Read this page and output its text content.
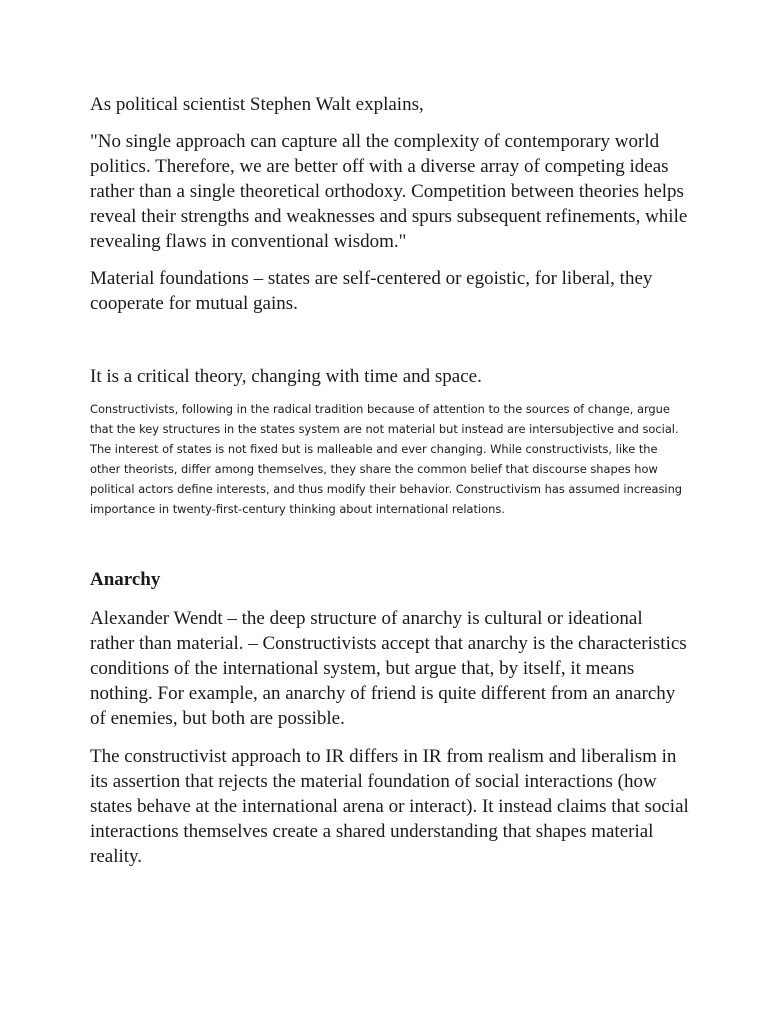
As political scientist Stephen Walt explains,

"No single approach can capture all the complexity of contemporary world politics. Therefore, we are better off with a diverse array of competing ideas rather than a single theoretical orthodoxy. Competition between theories helps reveal their strengths and weaknesses and spurs subsequent refinements, while revealing flaws in conventional wisdom."

Material foundations – states are self-centered or egoistic, for liberal, they cooperate for mutual gains.

It is a critical theory, changing with time and space.

Constructivists, following in the radical tradition because of attention to the sources of change, argue that the key structures in the states system are not material but instead are intersubjective and social. The interest of states is not fixed but is malleable and ever changing. While constructivists, like the other theorists, differ among themselves, they share the common belief that discourse shapes how political actors define interests, and thus modify their behavior. Constructivism has assumed increasing importance in twenty-first-century thinking about international relations.

Anarchy

Alexander Wendt – the deep structure of anarchy is cultural or ideational rather than material. – Constructivists accept that anarchy is the characteristics conditions of the international system, but argue that, by itself, it means nothing. For example, an anarchy of friend is quite different from an anarchy of enemies, but both are possible.

The constructivist approach to IR differs in IR from realism and liberalism in its assertion that rejects the material foundation of social interactions (how states behave at the international arena or interact). It instead claims that social interactions themselves create a shared understanding that shapes material reality.
